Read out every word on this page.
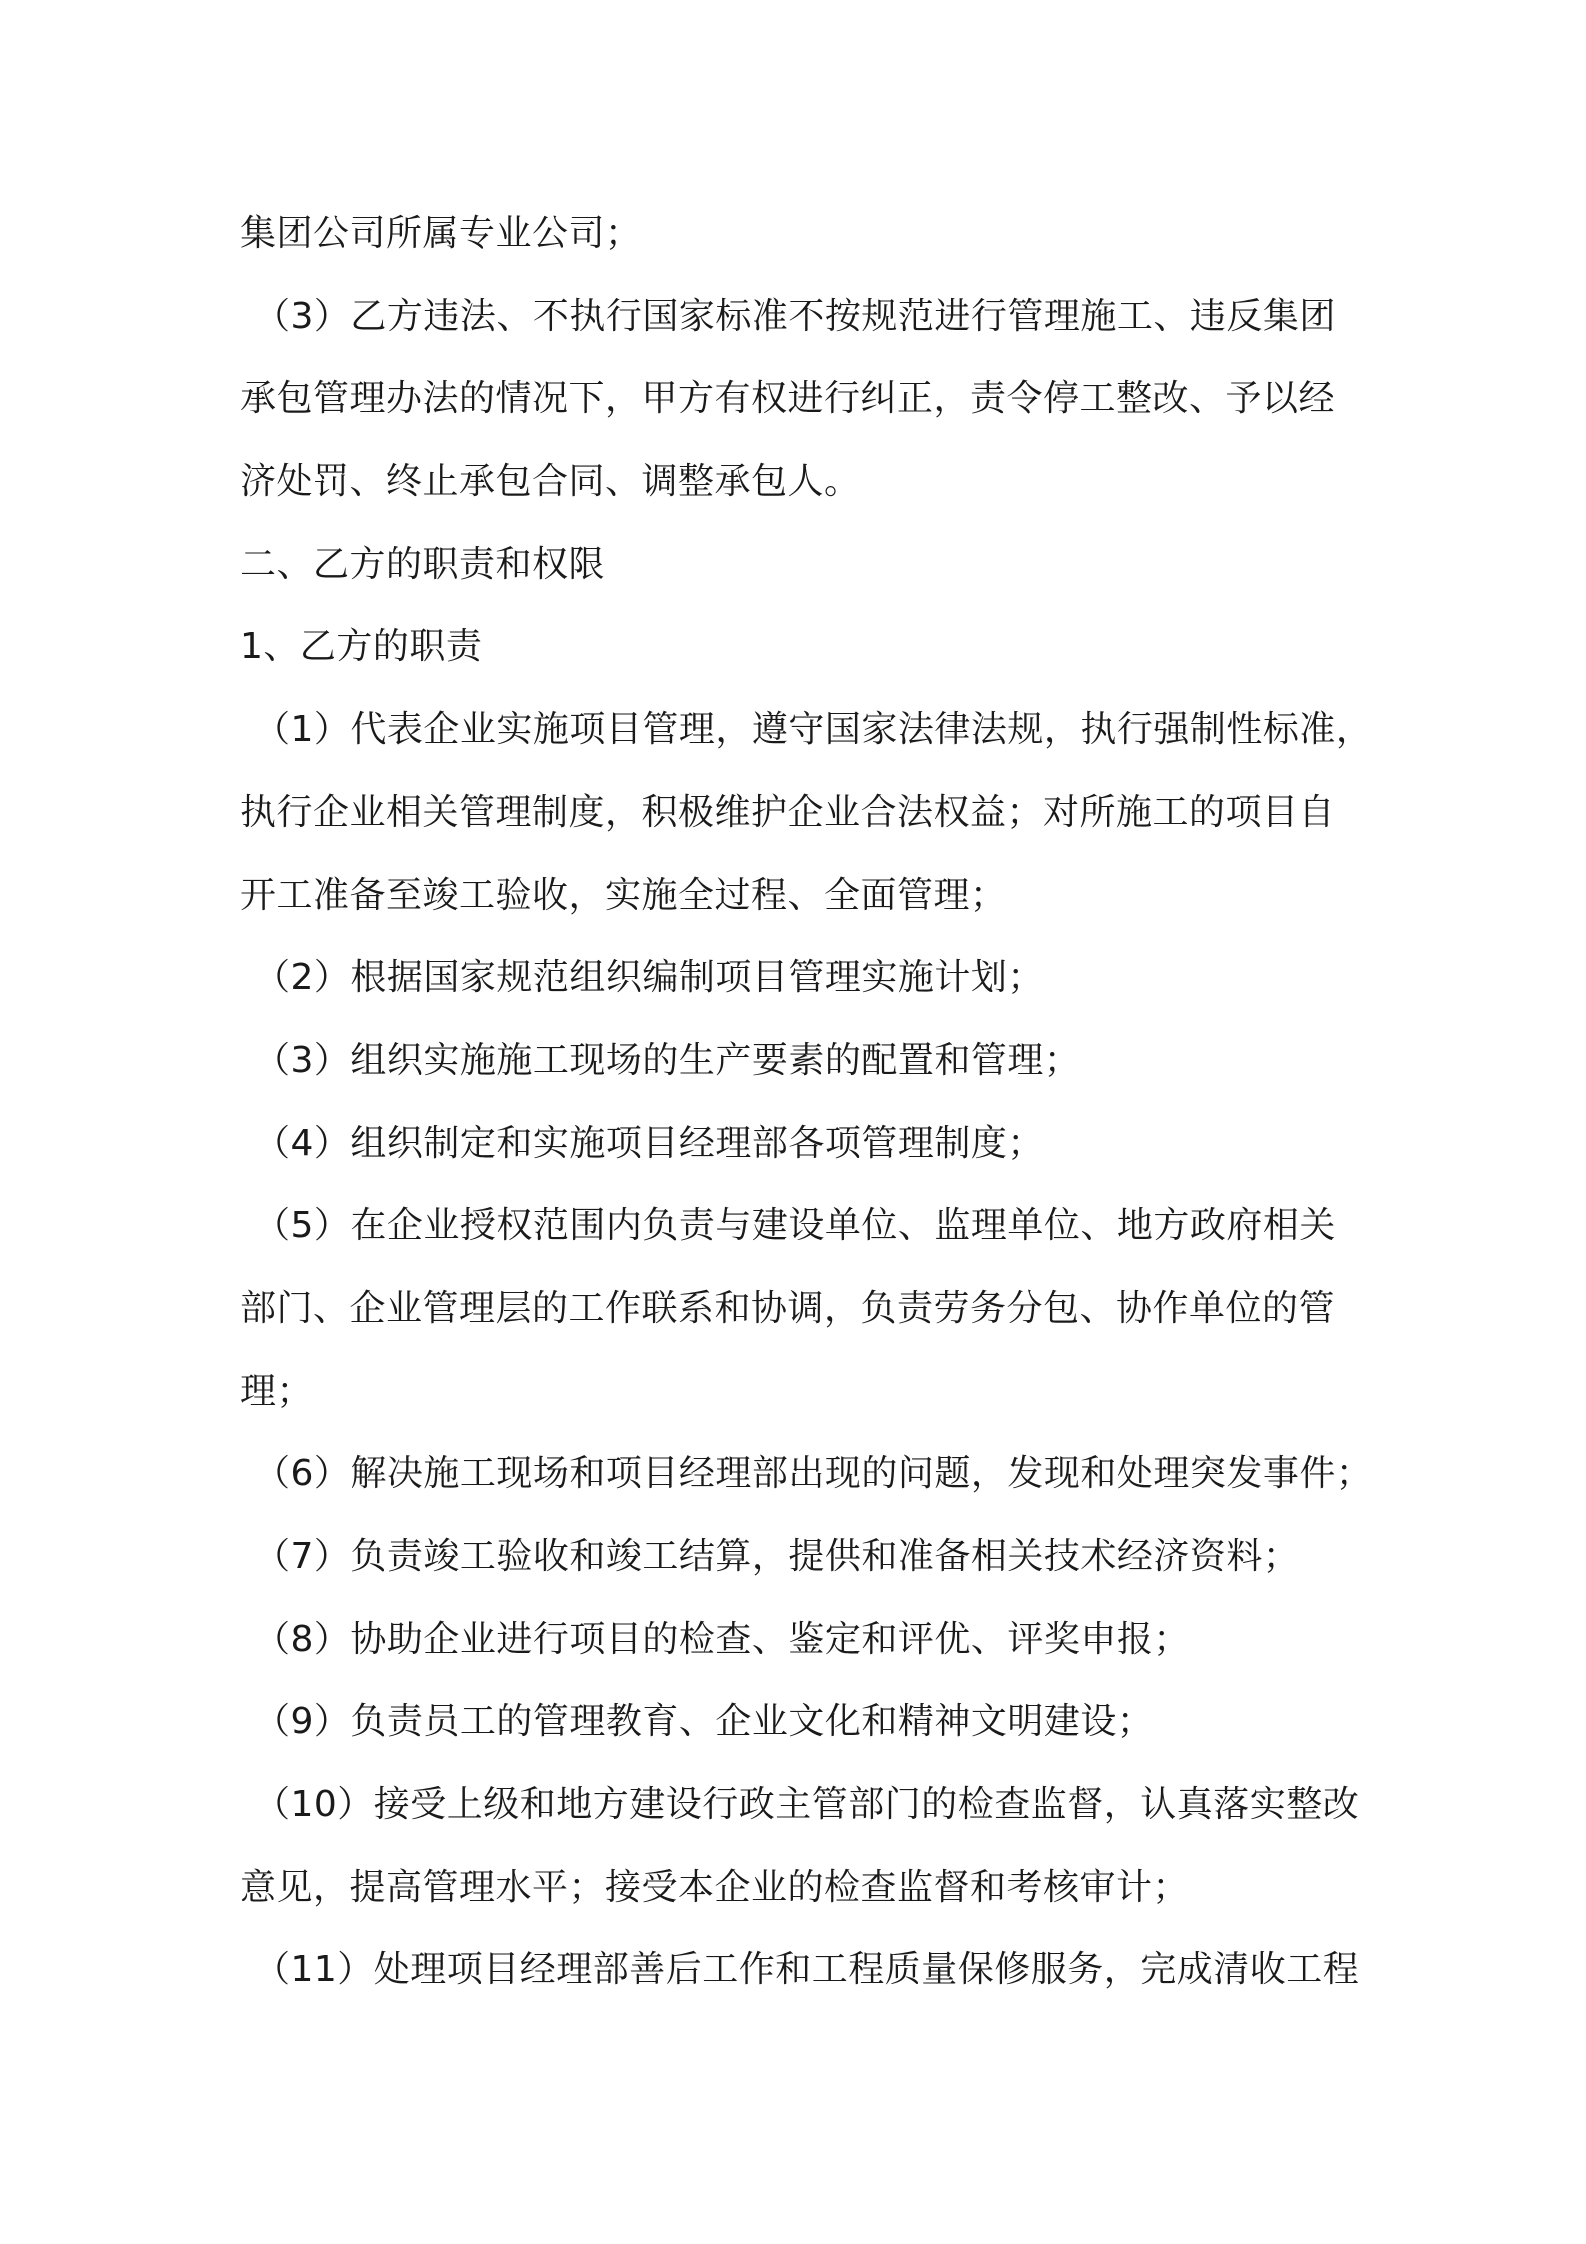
集团公司所属专业公司；
（3）乙方违法、不执行国家标准不按规范进行管理施工、违反集团
承包管理办法的情况下，甲方有权进行纠正，责令停工整改、予以经
济处罚、终止承包合同、调整承包人。
二、乙方的职责和权限
1、乙方的职责
（1）代表企业实施项目管理，遵守国家法律法规，执行强制性标准，
执行企业相关管理制度，积极维护企业合法权益；对所施工的项目自
开工准备至竣工验收，实施全过程、全面管理；
（2）根据国家规范组织编制项目管理实施计划；
（3）组织实施施工现场的生产要素的配置和管理；
（4）组织制定和实施项目经理部各项管理制度；
（5）在企业授权范围内负责与建设单位、监理单位、地方政府相关
部门、企业管理层的工作联系和协调，负责劳务分包、协作单位的管
理；
（6）解决施工现场和项目经理部出现的问题，发现和处理突发事件；
（7）负责竣工验收和竣工结算，提供和准备相关技术经济资料；
（8）协助企业进行项目的检查、鉴定和评优、评奖申报；
（9）负责员工的管理教育、企业文化和精神文明建设；
（10）接受上级和地方建设行政主管部门的检查监督，认真落实整改
意见，提高管理水平；接受本企业的检查监督和考核审计；
（11）处理项目经理部善后工作和工程质量保修服务，完成清收工程
